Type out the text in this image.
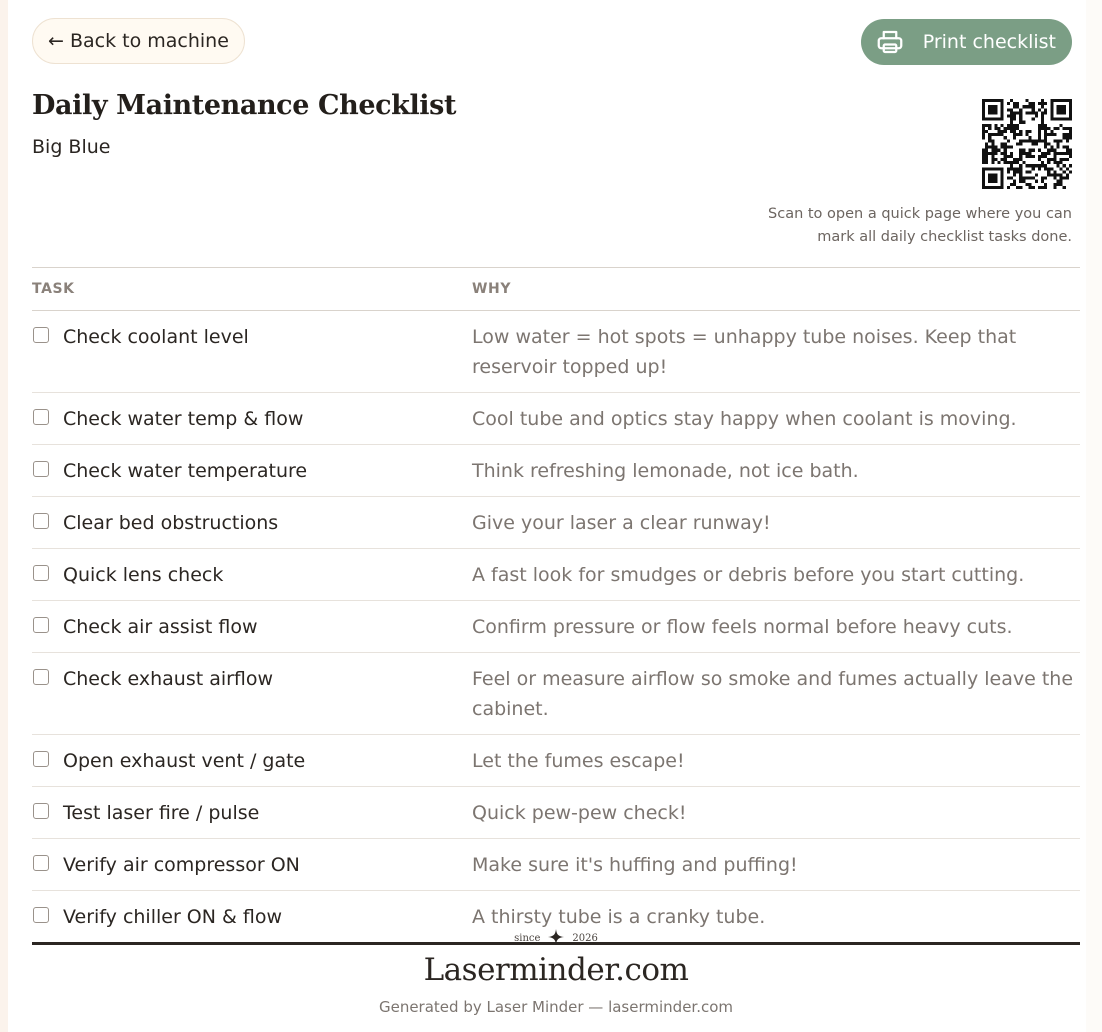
← Back to machine	Print checklist
Daily Maintenance Checklist
Big Blue
Scan to open a quick page where you can mark all daily checklist tasks done.
TASK	WHY
Check coolant level	Low water = hot spots = unhappy tube noises. Keep that reservoir topped up!
Check water temp & flow	Cool tube and optics stay happy when coolant is moving.
Check water temperature	Think refreshing lemonade, not ice bath.
Clear bed obstructions	Give your laser a clear runway!
Quick lens check	A fast look for smudges or debris before you start cutting.
Check air assist flow	Confirm pressure or flow feels normal before heavy cuts.
Check exhaust airflow	Feel or measure airflow so smoke and fumes actually leave the cabinet.
Open exhaust vent / gate	Let the fumes escape!
Test laser fire / pulse	Quick pew-pew check!
Verify air compressor ON	Make sure it's huffing and puffing!
Verify chiller ON & flow	A thirsty tube is a cranky tube.
since	2026
Laserminder.com
Generated by Laser Minder — laserminder.com
